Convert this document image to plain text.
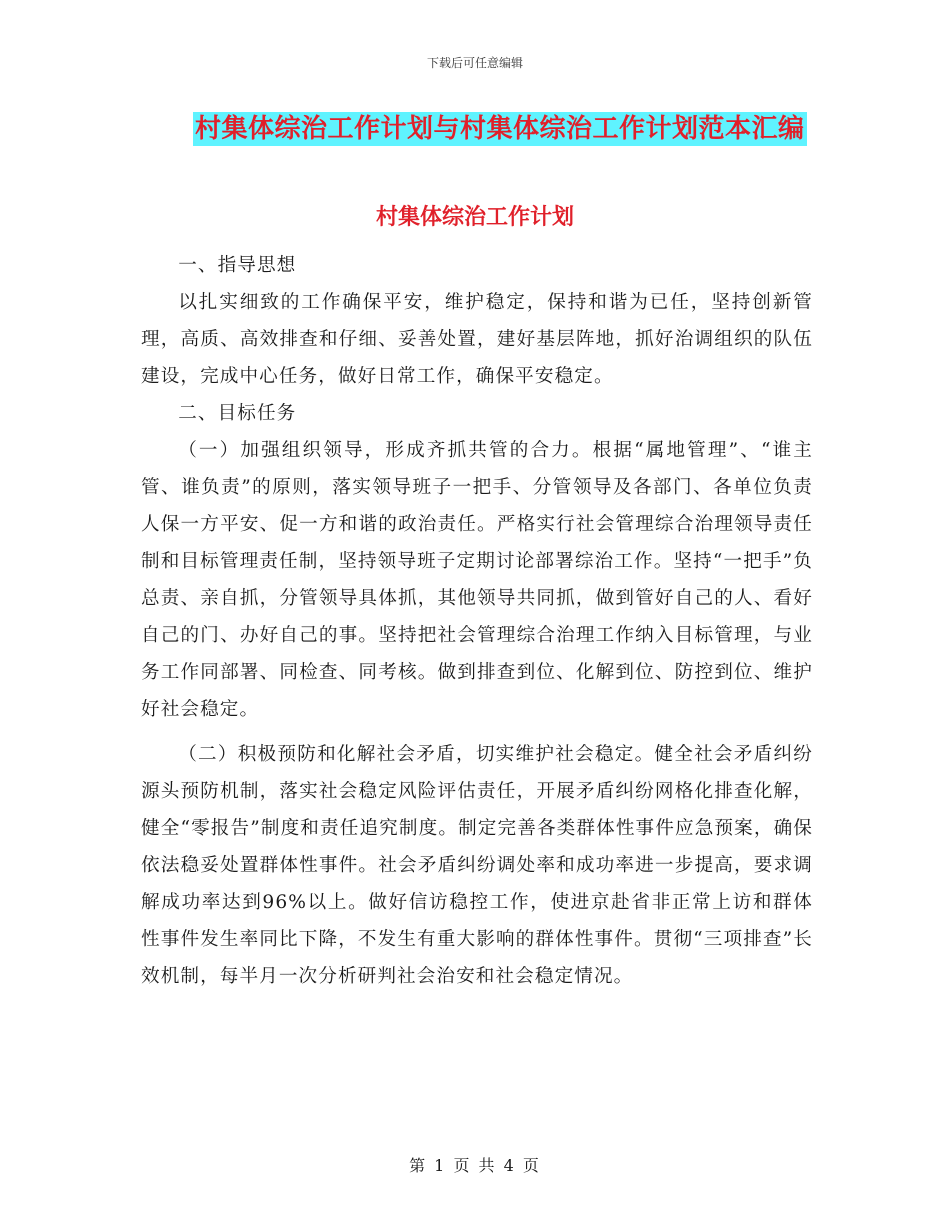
下载后可任意编辑
村集体综治工作计划与村集体综治工作计划范本汇编
村集体综治工作计划

一、指导思想

以扎实细致的工作确保平安，维护稳定，保持和谐为已任，坚持创新管理，高质、高效排查和仔细、妥善处置，建好基层阵地，抓好治调组织的队伍建设，完成中心任务，做好日常工作，确保平安稳定。

二、目标任务

（一）加强组织领导，形成齐抓共管的合力。根据“属地管理”、“谁主管、谁负责”的原则，落实领导班子一把手、分管领导及各部门、各单位负责人保一方平安、促一方和谐的政治责任。严格实行社会管理综合治理领导责任制和目标管理责任制，坚持领导班子定期讨论部署综治工作。坚持“一把手”负总责、亲自抓，分管领导具体抓，其他领导共同抓，做到管好自己的人、看好自己的门、办好自己的事。坚持把社会管理综合治理工作纳入目标管理，与业务工作同部署、同检查、同考核。做到排查到位、化解到位、防控到位、维护好社会稳定。

（二）积极预防和化解社会矛盾，切实维护社会稳定。健全社会矛盾纠纷源头预防机制，落实社会稳定风险评估责任，开展矛盾纠纷网格化排查化解，健全“零报告”制度和责任追究制度。制定完善各类群体性事件应急预案，确保依法稳妥处置群体性事件。社会矛盾纠纷调处率和成功率进一步提高，要求调解成功率达到96%以上。做好信访稳控工作，使进京赴省非正常上访和群体性事件发生率同比下降，不发生有重大影响的群体性事件。贯彻“三项排查”长效机制，每半月一次分析研判社会治安和社会稳定情况。

第 1 页 共 4 页
